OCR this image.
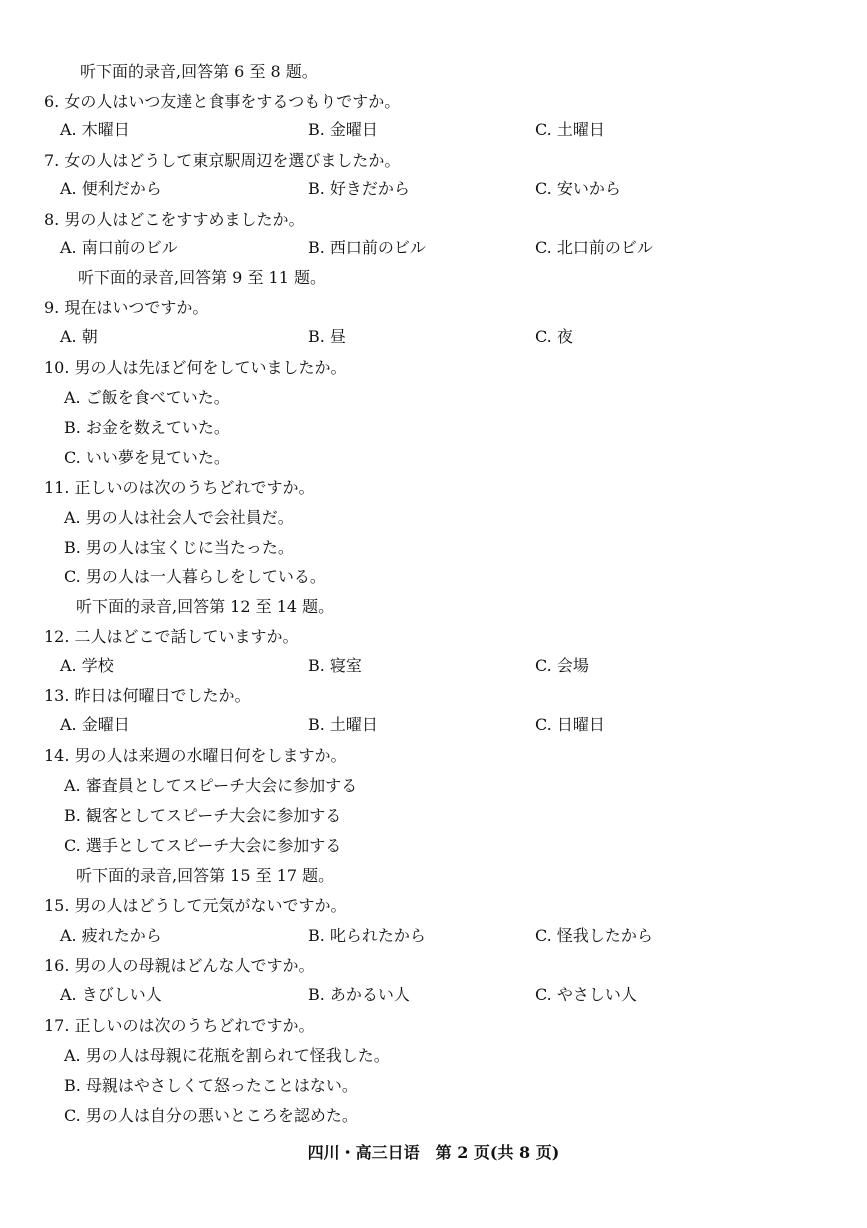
听下面的录音,回答第 6 至 8 题。
6. 女の人はいつ友達と食事をするつもりですか。
A. 木曜日	B. 金曜日	C. 土曜日
7. 女の人はどうして東京駅周辺を選びましたか。
A. 便利だから	B. 好きだから	C. 安いから
8. 男の人はどこをすすめましたか。
A. 南口前のビル	B. 西口前のビル	C. 北口前のビル
听下面的录音,回答第 9 至 11 题。
9. 現在はいつですか。
A. 朝	B. 昼	C. 夜
10. 男の人は先ほど何をしていましたか。
A. ご飯を食べていた。
B. お金を数えていた。
C. いい夢を見ていた。
11. 正しいのは次のうちどれですか。
A. 男の人は社会人で会社員だ。
B. 男の人は宝くじに当たった。
C. 男の人は一人暮らしをしている。
听下面的录音,回答第 12 至 14 题。
12. 二人はどこで話していますか。
A. 学校	B. 寝室	C. 会場
13. 昨日は何曜日でしたか。
A. 金曜日	B. 土曜日	C. 日曜日
14. 男の人は来週の水曜日何をしますか。
A. 審査員としてスピーチ大会に参加する
B. 観客としてスピーチ大会に参加する
C. 選手としてスピーチ大会に参加する
听下面的录音,回答第 15 至 17 题。
15. 男の人はどうして元気がないですか。
A. 疲れたから	B. 叱られたから	C. 怪我したから
16. 男の人の母親はどんな人ですか。
A. きびしい人	B. あかるい人	C. やさしい人
17. 正しいのは次のうちどれですか。
A. 男の人は母親に花瓶を割られて怪我した。
B. 母親はやさしくて怒ったことはない。
C. 男の人は自分の悪いところを認めた。
四川・高三日语　第 2 页(共 8 页)
